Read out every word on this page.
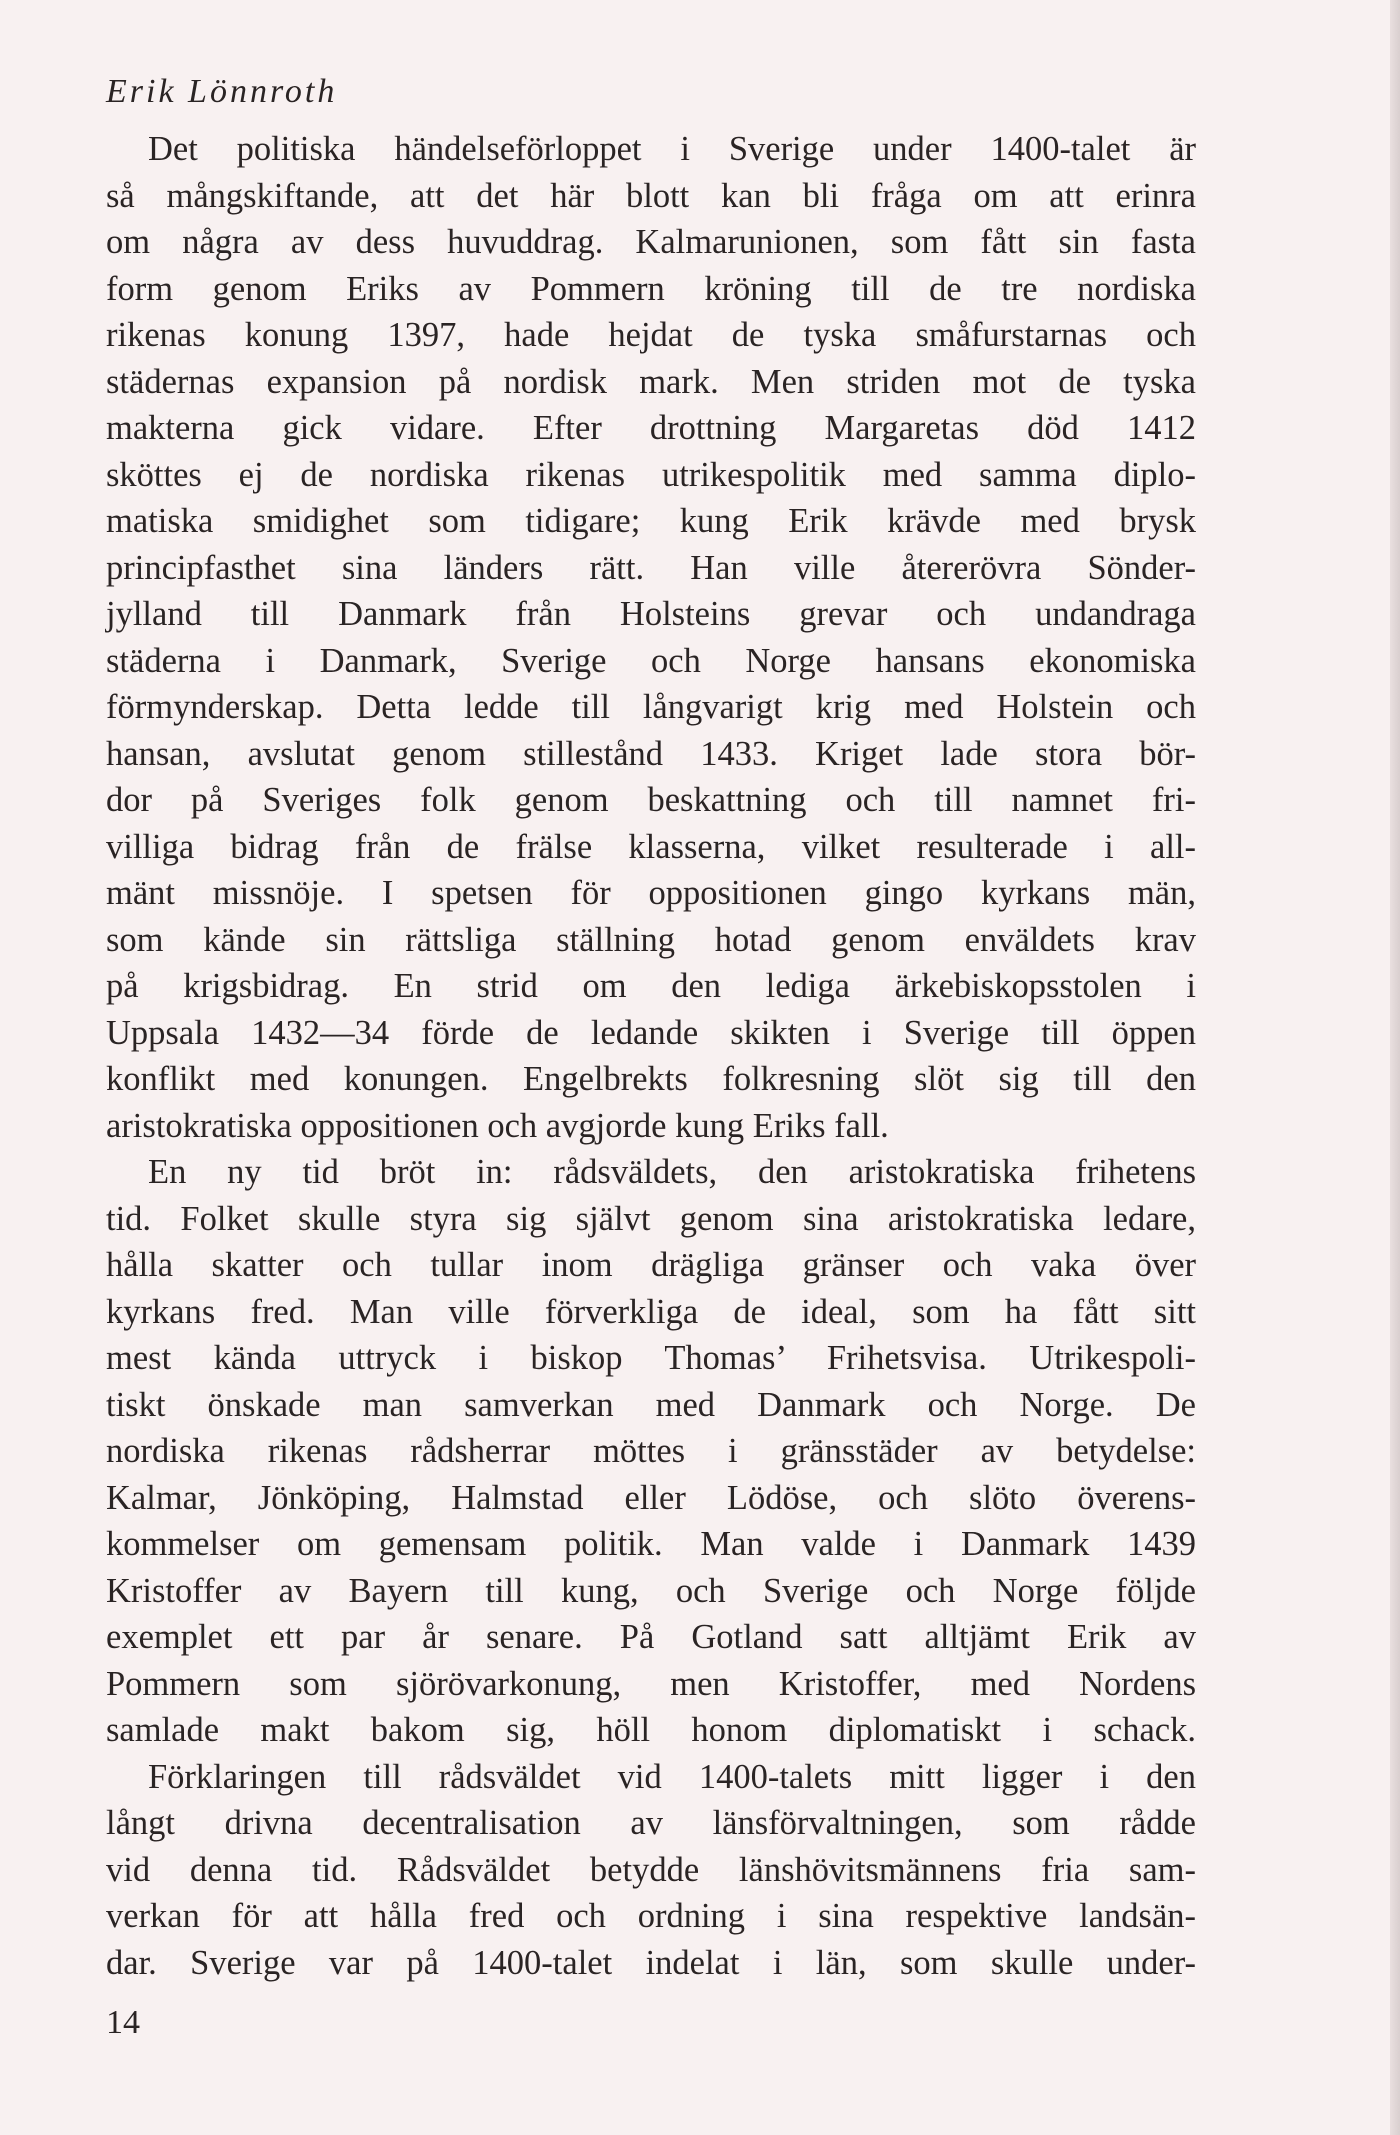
Erik Lönnroth
Det politiska händelseförloppet i Sverige under 1400-talet är
så mångskiftande, att det här blott kan bli fråga om att erinra
om några av dess huvuddrag. Kalmarunionen, som fått sin fasta
form genom Eriks av Pommern kröning till de tre nordiska
rikenas konung 1397, hade hejdat de tyska småfurstarnas och
städernas expansion på nordisk mark. Men striden mot de tyska
makterna gick vidare. Efter drottning Margaretas död 1412
sköttes ej de nordiska rikenas utrikespolitik med samma diplo-
matiska smidighet som tidigare; kung Erik krävde med brysk
principfasthet sina länders rätt. Han ville återerövra Sönder-
jylland till Danmark från Holsteins grevar och undandraga
städerna i Danmark, Sverige och Norge hansans ekonomiska
förmynderskap. Detta ledde till långvarigt krig med Holstein och
hansan, avslutat genom stillestånd 1433. Kriget lade stora bör-
dor på Sveriges folk genom beskattning och till namnet fri-
villiga bidrag från de frälse klasserna, vilket resulterade i all-
mänt missnöje. I spetsen för oppositionen gingo kyrkans män,
som kände sin rättsliga ställning hotad genom enväldets krav
på krigsbidrag. En strid om den lediga ärkebiskopsstolen i
Uppsala 1432—34 förde de ledande skikten i Sverige till öppen
konflikt med konungen. Engelbrekts folkresning slöt sig till den
aristokratiska oppositionen och avgjorde kung Eriks fall.
En ny tid bröt in: rådsväldets, den aristokratiska frihetens
tid. Folket skulle styra sig självt genom sina aristokratiska ledare,
hålla skatter och tullar inom drägliga gränser och vaka över
kyrkans fred. Man ville förverkliga de ideal, som ha fått sitt
mest kända uttryck i biskop Thomas’ Frihetsvisa. Utrikespoli-
tiskt önskade man samverkan med Danmark och Norge. De
nordiska rikenas rådsherrar möttes i gränsstäder av betydelse:
Kalmar, Jönköping, Halmstad eller Lödöse, och slöto överens-
kommelser om gemensam politik. Man valde i Danmark 1439
Kristoffer av Bayern till kung, och Sverige och Norge följde
exemplet ett par år senare. På Gotland satt alltjämt Erik av
Pommern som sjörövarkonung, men Kristoffer, med Nordens
samlade makt bakom sig, höll honom diplomatiskt i schack.
Förklaringen till rådsväldet vid 1400-talets mitt ligger i den
långt drivna decentralisation av länsförvaltningen, som rådde
vid denna tid. Rådsväldet betydde länshövitsmännens fria sam-
verkan för att hålla fred och ordning i sina respektive landsän-
dar. Sverige var på 1400-talet indelat i län, som skulle under-
14
